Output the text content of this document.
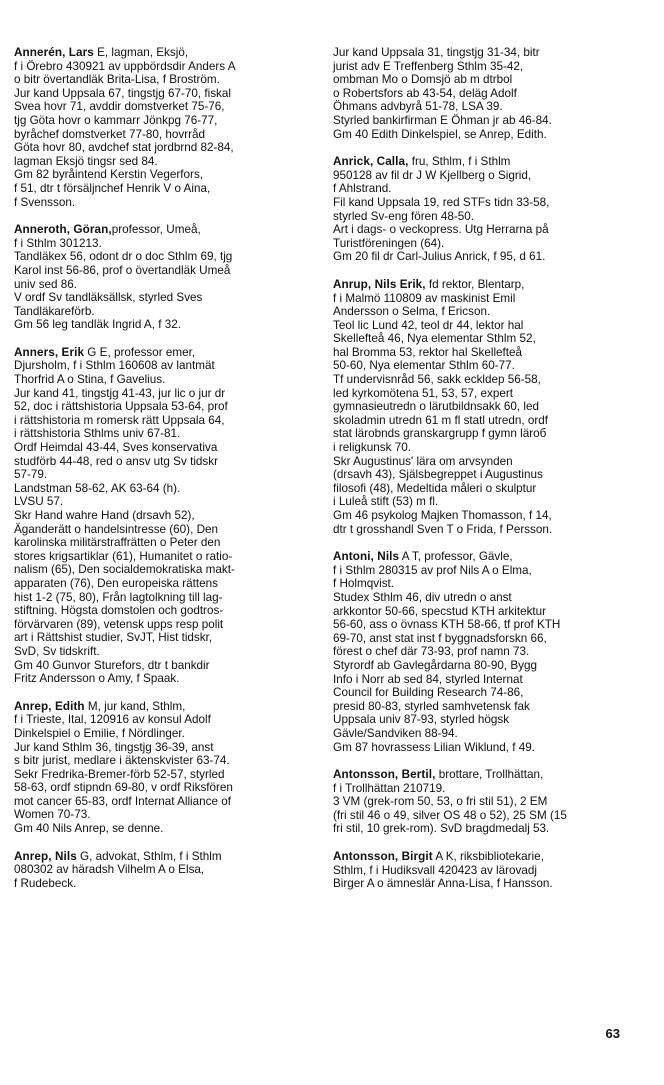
Annerén, Lars E, lagman, Eksjö,
f i Örebro 430921 av uppbördsdir Anders A
o bitr övertandläk Brita-Lisa, f Broström.
Jur kand Uppsala 67, tingstjg 67-70, fiskal
Svea hovr 71, avddir domstverket 75-76,
tjg Göta hovr o kammarr Jönkpg 76-77,
byråchef domstverket 77-80, hovrråd
Göta hovr 80, avdchef stat jordbrnd 82-84,
lagman Eksjö tingsr sed 84.
Gm 82 byråintend Kerstin Vegerfors,
f 51, dtr t försäljnchef Henrik V o Aina,
f Svensson.
Anneroth, Göran,professor, Umeå,
f i Sthlm 301213.
Tandläkex 56, odont dr o doc Sthlm 69, tjg
Karol inst 56-86, prof o övertandläk Umeå
univ sed 86.
V ordf Sv tandläksällsk, styrled Sves
Tandläkareförb.
Gm 56 leg tandläk Ingrid A, f 32.
Anners, Erik G E, professor emer,
Djursholm, f i Sthlm 160608 av lantmät
Thorfrid A o Stina, f Gavelius.
Jur kand 41, tingstjg 41-43, jur lic o jur dr
52, doc i rättshistoria Uppsala 53-64, prof
i rättshistoria m romersk rätt Uppsala 64,
i rättshistoria Sthlms univ 67-81.
Ordf Heimdal 43-44, Sves konservativa
studförb 44-48, red o ansv utg Sv tidskr
57-79.
Landstman 58-62, AK 63-64 (h).
LVSU 57.
Skr Hand wahre Hand (drsavh 52),
Äganderätt o handelsintresse (60), Den
karolinska militärstraffrätten o Peter den
stores krigsartiklar (61), Humanitet o ratio-
nalism (65), Den socialdemokratiska makt-
apparaten (76), Den europeiska rättens
hist 1-2 (75, 80), Från lagtolkning till lag-
stiftning. Högsta domstolen och godtros-
förvärvaren (89), vetensk upps resp polit
art i Rättshist studier, SvJT, Hist tidskr,
SvD, Sv tidskrift.
Gm 40 Gunvor Sturefors, dtr t bankdir
Fritz Andersson o Amy, f Spaak.
Anrep, Edith M, jur kand, Sthlm,
f i Trieste, Ital, 120916 av konsul Adolf
Dinkelspiel o Emilie, f Nördlinger.
Jur kand Sthlm 36, tingstjg 36-39, anst
s bitr jurist, medlare i äktenskvister 63-74.
Sekr Fredrika-Bremer-förb 52-57, styrled
58-63, ordf stipndn 69-80, v ordf Riksfören
mot cancer 65-83, ordf Internat Alliance of
Women 70-73.
Gm 40 Nils Anrep, se denne.
Anrep, Nils G, advokat, Sthlm, f i Sthlm
080302 av häradsh Vilhelm A o Elsa,
f Rudebeck.
Jur kand Uppsala 31, tingstjg 31-34, bitr
jurist adv E Treffenberg Sthlm 35-42,
ombman Mo o Domsjö ab m dtrbol
o Robertsfors ab 43-54, deläg Adolf
Öhmans advbyrå 51-78, LSA 39.
Styrled bankirfirman E Öhman jr ab 46-84.
Gm 40 Edith Dinkelspiel, se Anrep, Edith.
Anrick, Calla, fru, Sthlm, f i Sthlm
950128 av fil dr J W Kjellberg o Sigrid,
f Ahlstrand.
Fil kand Uppsala 19, red STFs tidn 33-58,
styrled Sv-eng fören 48-50.
Art i dags- o veckopress. Utg Herrarna på
Turistföreningen (64).
Gm 20 fil dr Carl-Julius Anrick, f 95, d 61.
Anrup, Nils Erik, fd rektor, Blentarp,
f i Malmö 110809 av maskinist Emil
Andersson o Selma, f Ericson.
Teol lic Lund 42, teol dr 44, lektor hal
Skellefteå 46, Nya elementar Sthlm 52,
hal Bromma 53, rektor hal Skellefteå
50-60, Nya elementar Sthlm 60-77.
Tf undervisnråd 56, sakk eckldep 56-58,
led kyrkomötena 51, 53, 57, expert
gymnasieutredn o lärutbildnsakk 60, led
skoladmin utredn 61 m fl statl utredn, ordf
stat lärobnds granskargrupp f gymn läroб
i religkunsk 70.
Skr Augustinus' lära om arvsynden
(drsavh 43), Själsbegreppet i Augustinus
filosofi (48), Medeltida måleri o skulptur
i Luleå stift (53) m fl.
Gm 46 psykolog Majken Thomasson, f 14,
dtr t grosshandl Sven T o Frida, f Persson.
Antoni, Nils A T, professor, Gävle,
f i Sthlm 280315 av prof Nils A o Elma,
f Holmqvist.
Studex Sthlm 46, div utredn o anst
arkkontor 50-66, specstud KTH arkitektur
56-60, ass o övnass KTH 58-66, tf prof KTH
69-70, anst stat inst f byggnadsforskn 66,
förest o chef där 73-93, prof namn 73.
Styrordf ab Gavlegårdarna 80-90, Bygg
Info i Norr ab sed 84, styrled Internat
Council for Building Research 74-86,
presid 80-83, styrled samhvetensk fak
Uppsala univ 87-93, styrled högsk
Gävle/Sandviken 88-94.
Gm 87 hovrassess Lilian Wiklund, f 49.
Antonsson, Bertil, brottare, Trollhättan,
f i Trollhättan 210719.
3 VM (grek-rom 50, 53, o fri stil 51), 2 EM
(fri stil 46 o 49, silver OS 48 o 52), 25 SM (15
fri stil, 10 grek-rom). SvD bragdmedalj 53.
Antonsson, Birgit A K, riksbibliotekarie,
Sthlm, f i Hudiksvall 420423 av lärovadj
Birger A o ämneslär Anna-Lisa, f Hansson.
63
